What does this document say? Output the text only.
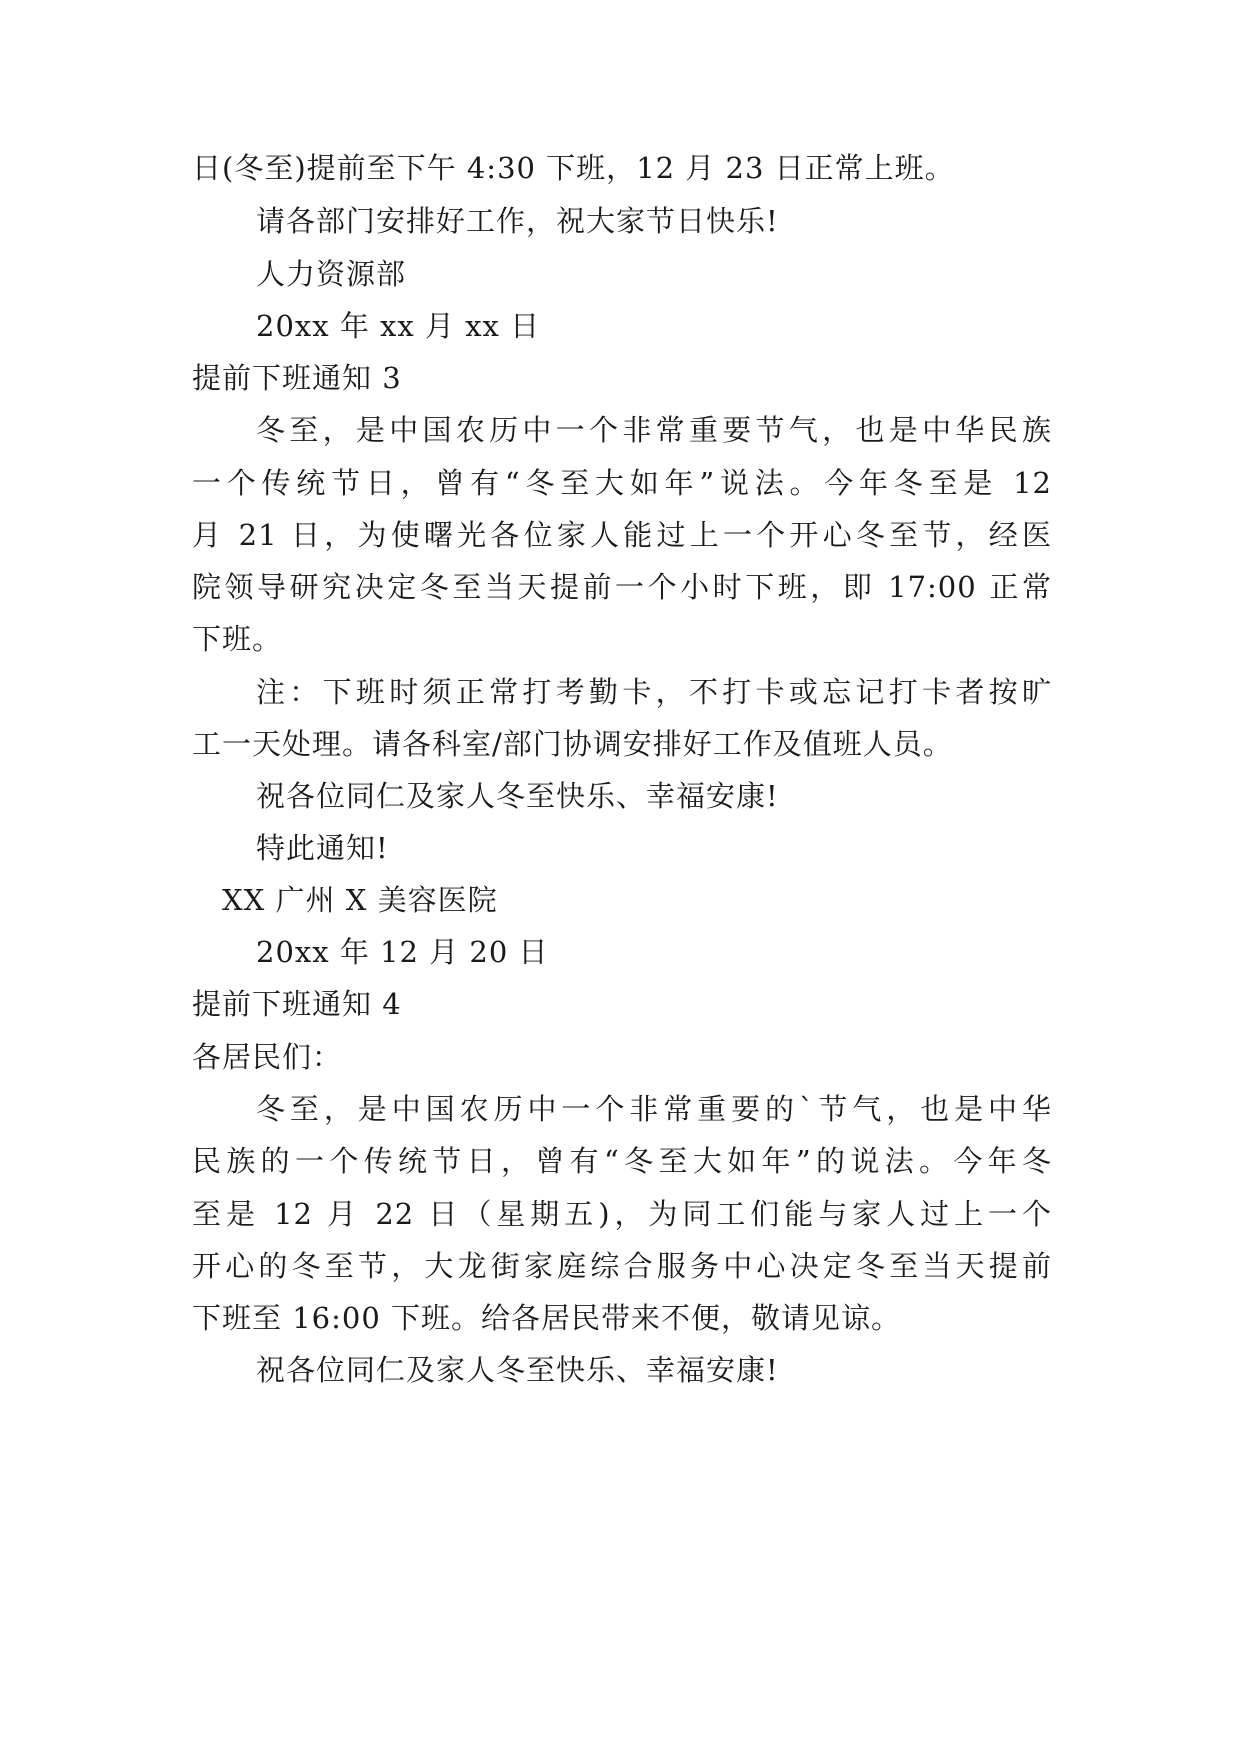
日(冬至)提前至下午 4:30 下班，12 月 23 日正常上班。
请各部门安排好工作，祝大家节日快乐!
人力资源部
20xx 年 xx 月 xx 日
提前下班通知 3
冬至，是中国农历中一个非常重要节气，也是中华民族
一个传统节日，曾有“冬至大如年”说法。今年冬至是 12
月 21 日，为使曙光各位家人能过上一个开心冬至节，经医
院领导研究决定冬至当天提前一个小时下班，即 17:00 正常
下班。
注：下班时须正常打考勤卡，不打卡或忘记打卡者按旷
工一天处理。请各科室/部门协调安排好工作及值班人员。
祝各位同仁及家人冬至快乐、幸福安康!
特此通知!
XX 广州 X 美容医院
20xx 年 12 月 20 日
提前下班通知 4
各居民们：
冬至，是中国农历中一个非常重要的`节气，也是中华
民族的一个传统节日，曾有“冬至大如年”的说法。今年冬
至是 12 月 22 日（星期五)，为同工们能与家人过上一个
开心的冬至节，大龙街家庭综合服务中心决定冬至当天提前
下班至 16:00 下班。给各居民带来不便，敬请见谅。
祝各位同仁及家人冬至快乐、幸福安康!
